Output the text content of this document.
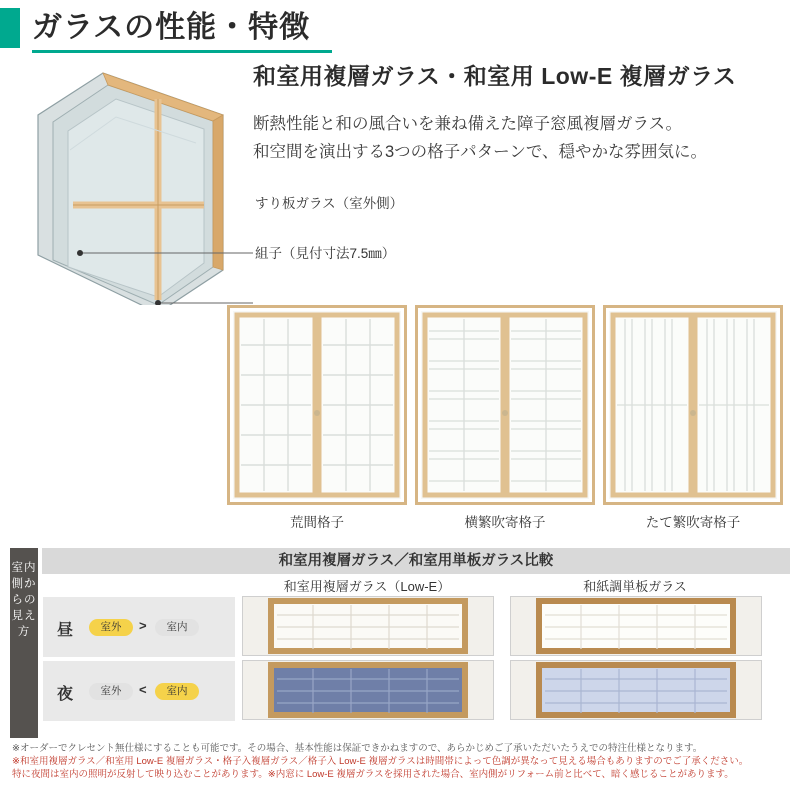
ガラスの性能・特徴
和室用複層ガラス・和室用 Low-E 複層ガラス
断熱性能と和の風合いを兼ね備えた障子窓風複層ガラス。
和空間を演出する3つの格子パターンで、穏やかな雰囲気に。
すり板ガラス（室外側）
組子（見付寸法7.5㎜）
荒間格子	横繁吹寄格子	たて繁吹寄格子
室内側からの見え方
和室用複層ガラス／和室用単板ガラス比較
和室用複層ガラス（Low-E）	和紙調単板ガラス
昼	室外	>	室内
夜	室外	<	室内
※オーダーでクレセント無仕様にすることも可能です。その場合、基本性能は保証できかねますので、あらかじめご了承いただいたうえでの特注仕様となります。
※和室用複層ガラス／和室用 Low-E 複層ガラス・格子入複層ガラス／格子入 Low-E 複層ガラスは時間帯によって色調が異なって見える場合もありますのでご了承ください。
特に夜間は室内の照明が反射して映り込むことがあります。※内窓に Low-E 複層ガラスを採用された場合、室内側がリフォーム前と比べて、暗く感じることがあります。
